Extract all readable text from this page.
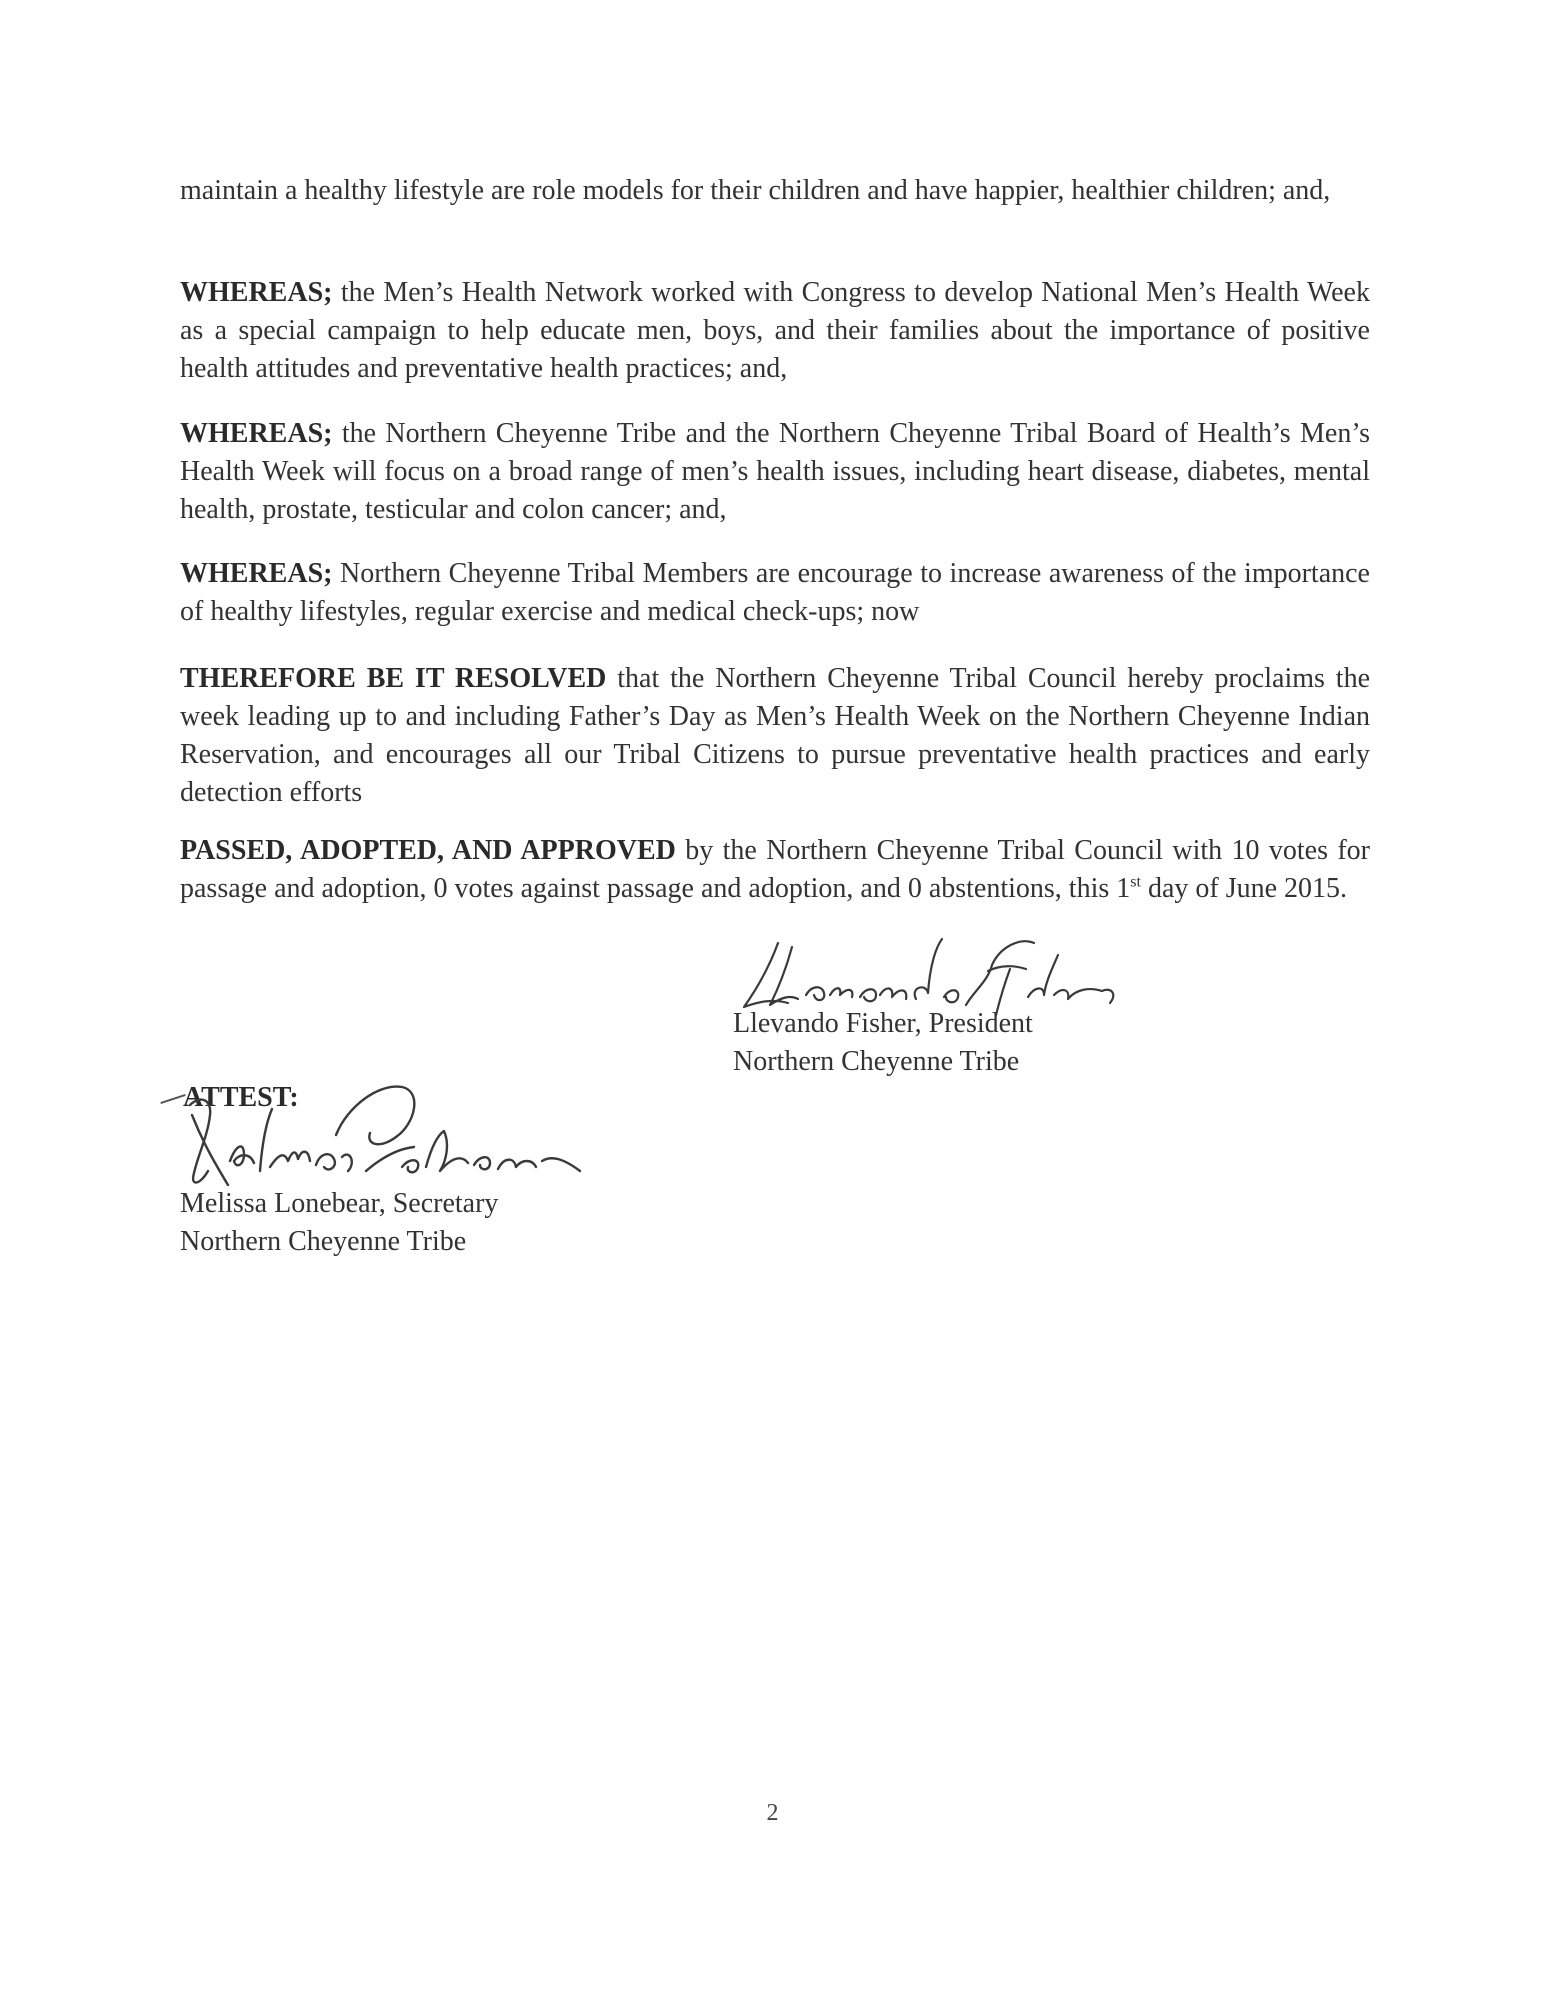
maintain a healthy lifestyle are role models for their children and have happier, healthier children; and,

WHEREAS; the Men’s Health Network worked with Congress to develop National Men’s Health Week as a special campaign to help educate men, boys, and their families about the importance of positive health attitudes and preventative health practices; and,

WHEREAS; the Northern Cheyenne Tribe and the Northern Cheyenne Tribal Board of Health’s Men’s Health Week will focus on a broad range of men’s health issues, including heart disease, diabetes, mental health, prostate, testicular and colon cancer; and,

WHEREAS; Northern Cheyenne Tribal Members are encourage to increase awareness of the importance of healthy lifestyles, regular exercise and medical check-ups; now

THEREFORE BE IT RESOLVED that the Northern Cheyenne Tribal Council hereby proclaims the week leading up to and including Father’s Day as Men’s Health Week on the Northern Cheyenne Indian Reservation, and encourages all our Tribal Citizens to pursue preventative health practices and early detection efforts

PASSED, ADOPTED, AND APPROVED by the Northern Cheyenne Tribal Council with 10 votes for passage and adoption, 0 votes against passage and adoption, and 0 abstentions, this 1st day of June 2015.

Llevando Fisher, President
Northern Cheyenne Tribe
ATTEST:
Melissa Lonebear, Secretary
Northern Cheyenne Tribe
2
